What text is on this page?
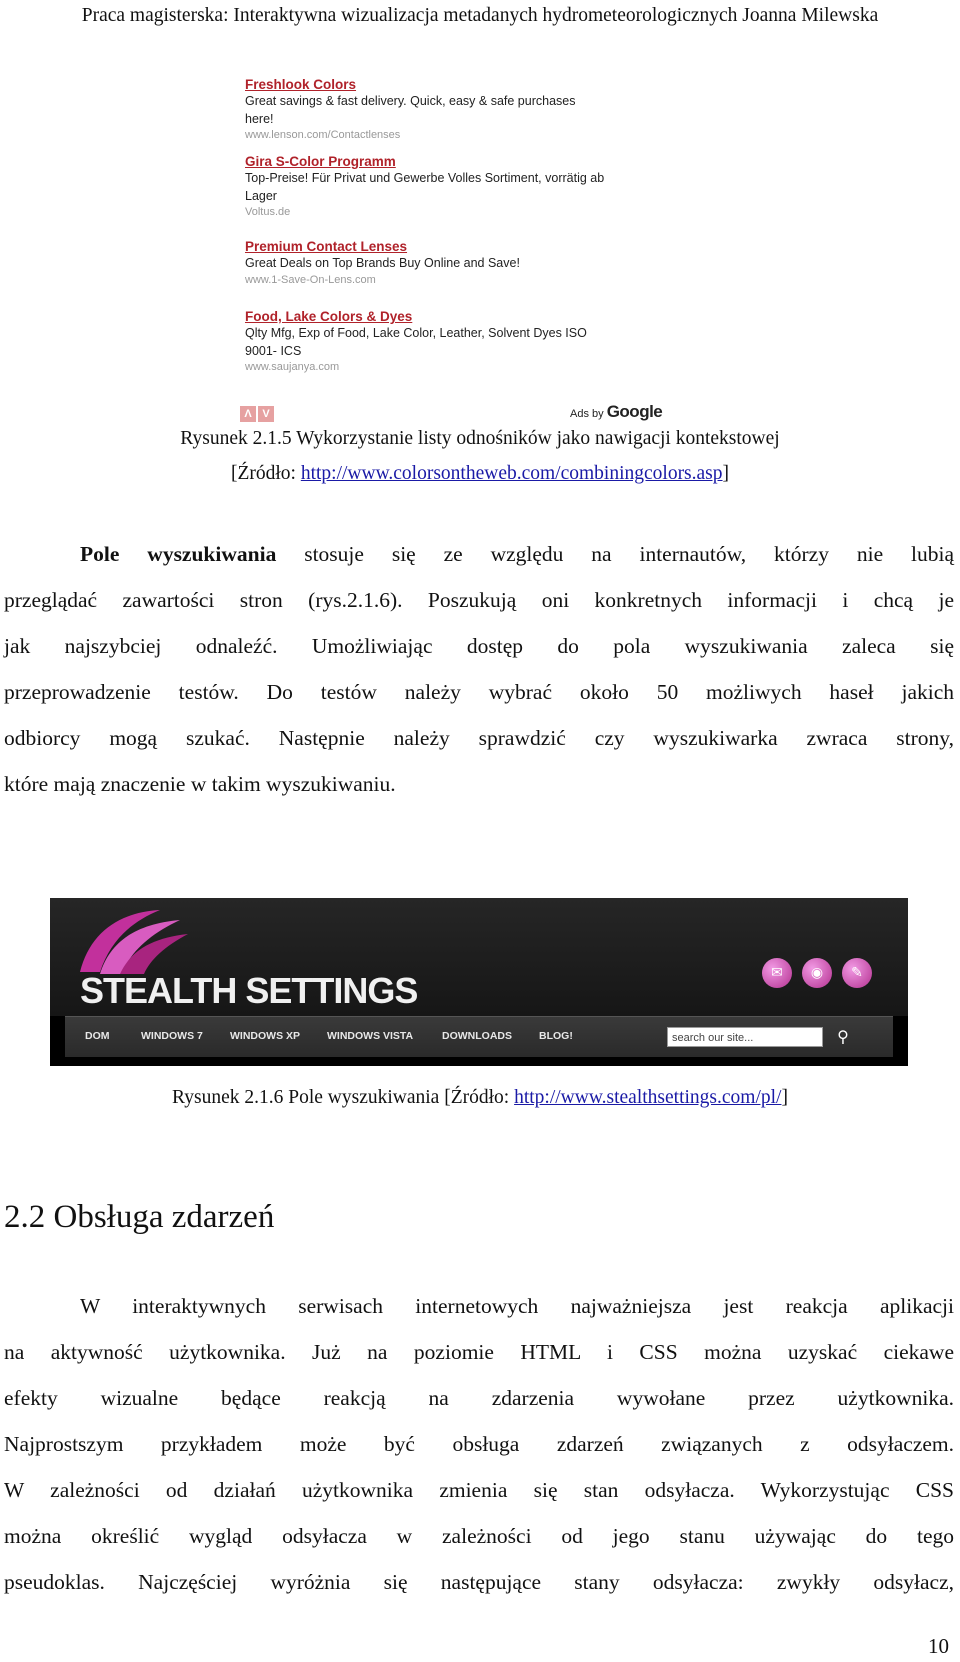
Praca magisterska: Interaktywna wizualizacja metadanych hydrometeorologicznych Joanna Milewska
Freshlook Colors
Great savings & fast delivery. Quick, easy & safe purchases
here!
www.lenson.com/Contactlenses
Gira S-Color Programm
Top-Preise! Für Privat und Gewerbe Volles Sortiment, vorrätig ab
Lager
Voltus.de
Premium Contact Lenses
Great Deals on Top Brands Buy Online and Save!
www.1-Save-On-Lens.com
Food, Lake Colors & Dyes
Qlty Mfg, Exp of Food, Lake Color, Leather, Solvent Dyes ISO
9001- ICS
www.saujanya.com
Λ V	Ads by Google
Rysunek 2.1.5 Wykorzystanie listy odnośników jako nawigacji kontekstowej
[Źródło: http://www.colorsontheweb.com/combiningcolors.asp]
Pole wyszukiwania stosuje się ze względu na internautów, którzy nie lubią
przeglądać zawartości stron (rys.2.1.6). Poszukują oni konkretnych informacji i chcą je
jak najszybciej odnaleźć. Umożliwiając dostęp do pola wyszukiwania zaleca się
przeprowadzenie testów. Do testów należy wybrać około 50 możliwych haseł jakich
odbiorcy mogą szukać. Następnie należy sprawdzić czy wyszukiwarka zwraca strony,
które mają znaczenie w takim wyszukiwaniu.
STEALTH SETTINGS	✉	◉	✎
DOM	WINDOWS 7	WINDOWS XP	WINDOWS VISTA	DOWNLOADS	BLOG!	search our site...	⚲
Rysunek 2.1.6 Pole wyszukiwania [Źródło: http://www.stealthsettings.com/pl/]
2.2 Obsługa zdarzeń
W interaktywnych serwisach internetowych najważniejsza jest reakcja aplikacji
na aktywność użytkownika. Już na poziomie HTML i CSS można uzyskać ciekawe
efekty wizualne będące reakcją na zdarzenia wywołane przez użytkownika.
Najprostszym przykładem może być obsługa zdarzeń związanych z odsyłaczem.
W zależności od działań użytkownika zmienia się stan odsyłacza. Wykorzystując CSS
można określić wygląd odsyłacza w zależności od jego stanu używając do tego
pseudoklas. Najczęściej wyróżnia się następujące stany odsyłacza: zwykły odsyłacz,
10
